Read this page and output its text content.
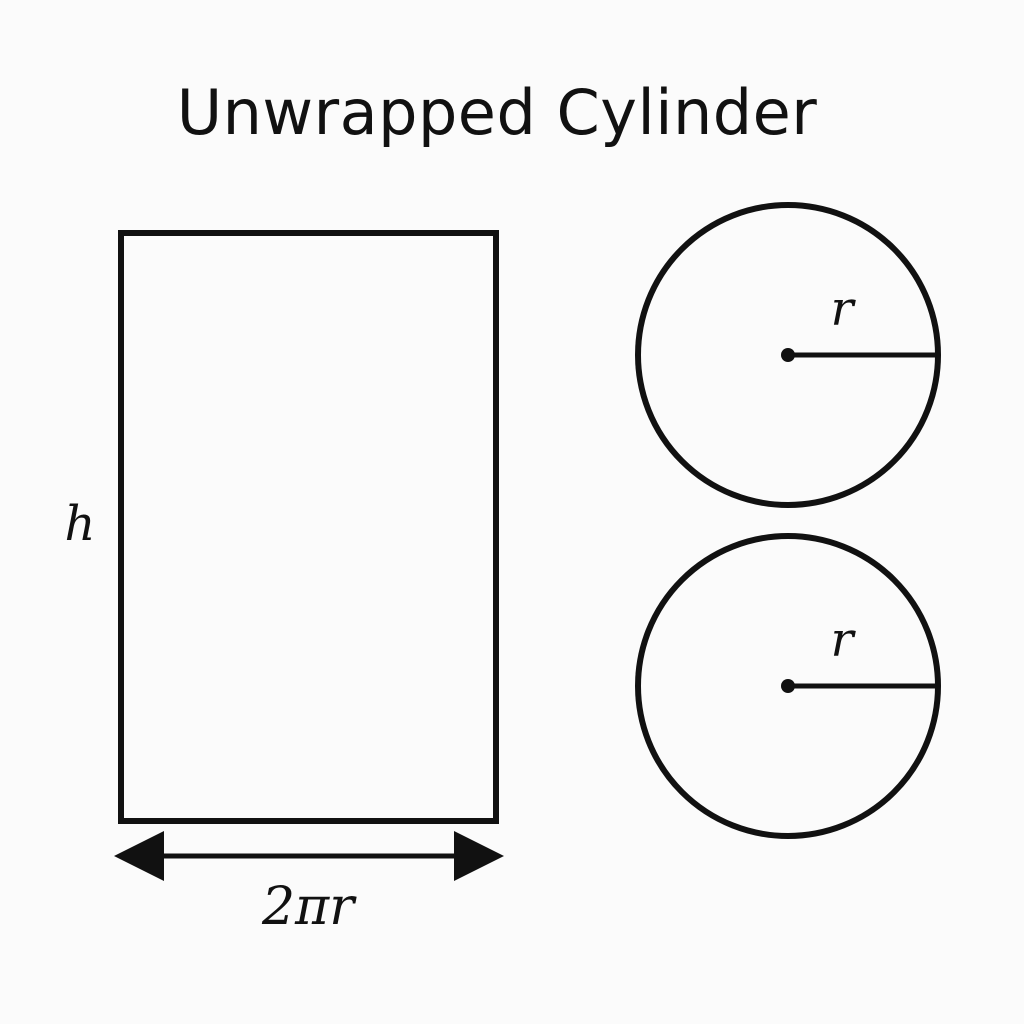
Unwrapped Cylinder
h
2πr
r
r
